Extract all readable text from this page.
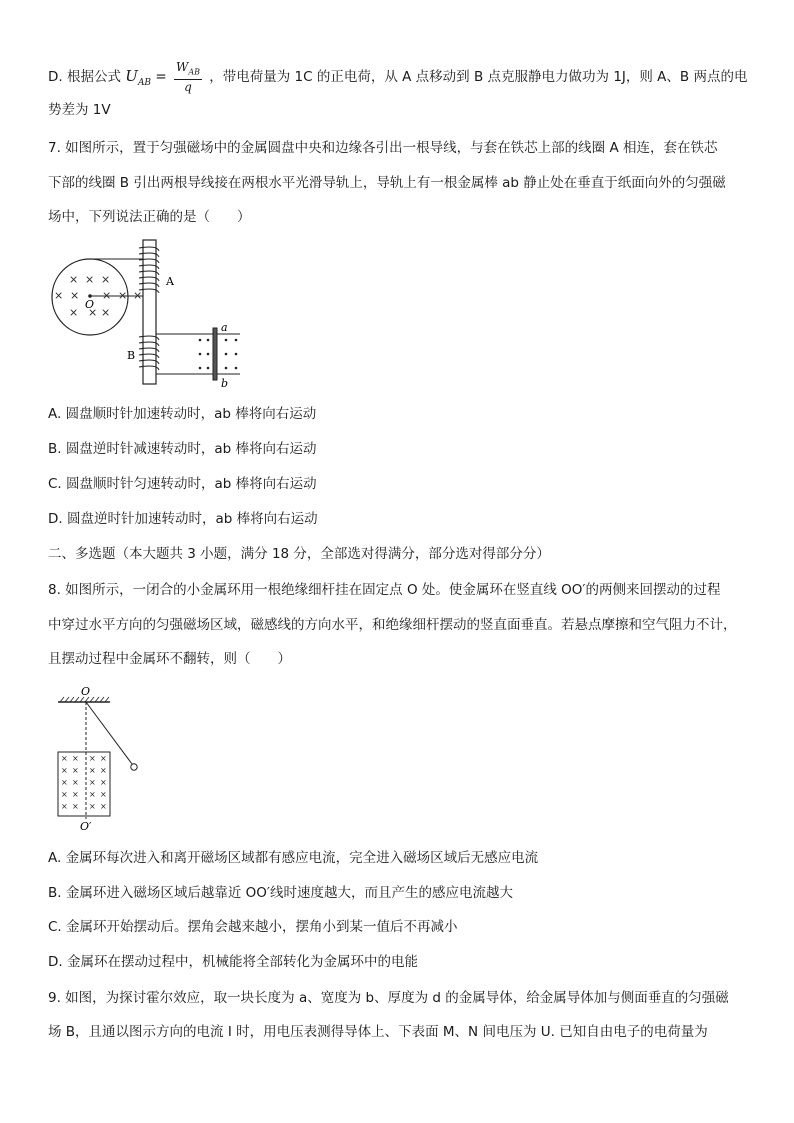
D. 根据公式 $U_{AB} = \frac{W_{AB}}{q}$ ，带电荷量为 1C 的正电荷，从 A 点移动到 B 点克服静电力做功为 1J，则 A、B 两点的电
势差为 1V
7. 如图所示，置于匀强磁场中的金属圆盘中央和边缘各引出一根导线，与套在铁芯上部的线圈 A 相连，套在铁芯
下部的线圈 B 引出两根导线接在两根水平光滑导轨上，导轨上有一根金属棒 ab 静止处在垂直于纸面向外的匀强磁
场中，下列说法正确的是（　　）
× × ×
× × × × ×
× × ×
O
A
B
a
b
A. 圆盘顺时针加速转动时，ab 棒将向右运动
B. 圆盘逆时针减速转动时，ab 棒将向右运动
C. 圆盘顺时针匀速转动时，ab 棒将向右运动
D. 圆盘逆时针加速转动时，ab 棒将向右运动
二、多选题（本大题共 3 小题，满分 18 分，全部选对得满分，部分选对得部分分）
8. 如图所示，一闭合的小金属环用一根绝缘细杆挂在固定点 O 处。使金属环在竖直线 OO′的两侧来回摆动的过程
中穿过水平方向的匀强磁场区域，磁感线的方向水平，和绝缘细杆摆动的竖直面垂直。若悬点摩擦和空气阻力不计，
且摆动过程中金属环不翻转，则（　　）
O
× × × ×
× × × ×
× × × ×
× × × ×
× × × ×
O′
A. 金属环每次进入和离开磁场区域都有感应电流，完全进入磁场区域后无感应电流
B. 金属环进入磁场区域后越靠近 OO′线时速度越大，而且产生的感应电流越大
C. 金属环开始摆动后。摆角会越来越小，摆角小到某一值后不再减小
D. 金属环在摆动过程中，机械能将全部转化为金属环中的电能
9. 如图，为探讨霍尔效应，取一块长度为 a、宽度为 b、厚度为 d 的金属导体，给金属导体加与侧面垂直的匀强磁
场 B，且通以图示方向的电流 I 时，用电压表测得导体上、下表面 M、N 间电压为 U. 已知自由电子的电荷量为
